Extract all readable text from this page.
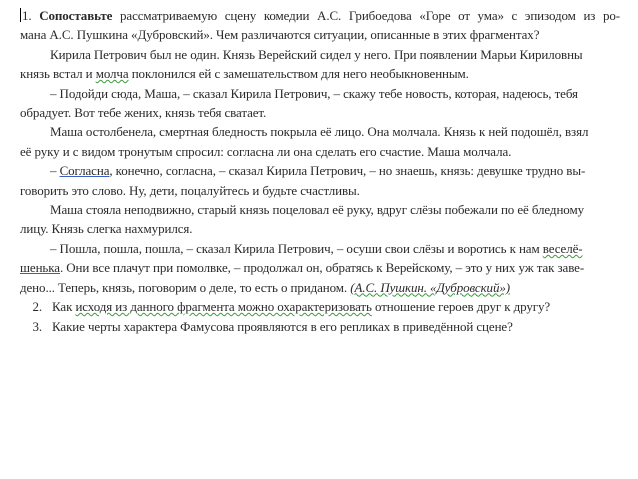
1. Сопоставьте рассматриваемую сцену комедии А.С. Грибоедова «Горе от ума» с эпизодом из ро-
мана А.С. Пушкина «Дубровский». Чем различаются ситуации, описанные в этих фрагментах?
Кирила Петрович был не один. Князь Верейский сидел у него. При появлении Марьи Кириловны
князь встал и молча поклонился ей с замешательством для него необыкновенным.
– Подойди сюда, Маша, – сказал Кирила Петрович, – скажу тебе новость, которая, надеюсь, тебя
обрадует. Вот тебе жених, князь тебя сватает.
Маша остолбенела, смертная бледность покрыла её лицо. Она молчала. Князь к ней подошёл, взял
её руку и с видом тронутым спросил: согласна ли она сделать его счастие. Маша молчала.
– Согласна, конечно, согласна, – сказал Кирила Петрович, – но знаешь, князь: девушке трудно вы-
говорить это слово. Ну, дети, поцалуйтесь и будьте счастливы.
Маша стояла неподвижно, старый князь поцеловал её руку, вдруг слёзы побежали по её бледному
лицу. Князь слегка нахмурился.
– Пошла, пошла, пошла, – сказал Кирила Петрович, – осуши свои слёзы и воротись к нам веселё-
шенька. Они все плачут при помолвке, – продолжал он, обратясь к Верейскому, – это у них уж так заве-
дено... Теперь, князь, поговорим о деле, то есть о приданом. (А.С. Пушкин. «Дубровский»)
2. Как исходя из данного фрагмента можно охарактеризовать отношение героев друг к другу?
3. Какие черты характера Фамусова проявляются в его репликах в приведённой сцене?
